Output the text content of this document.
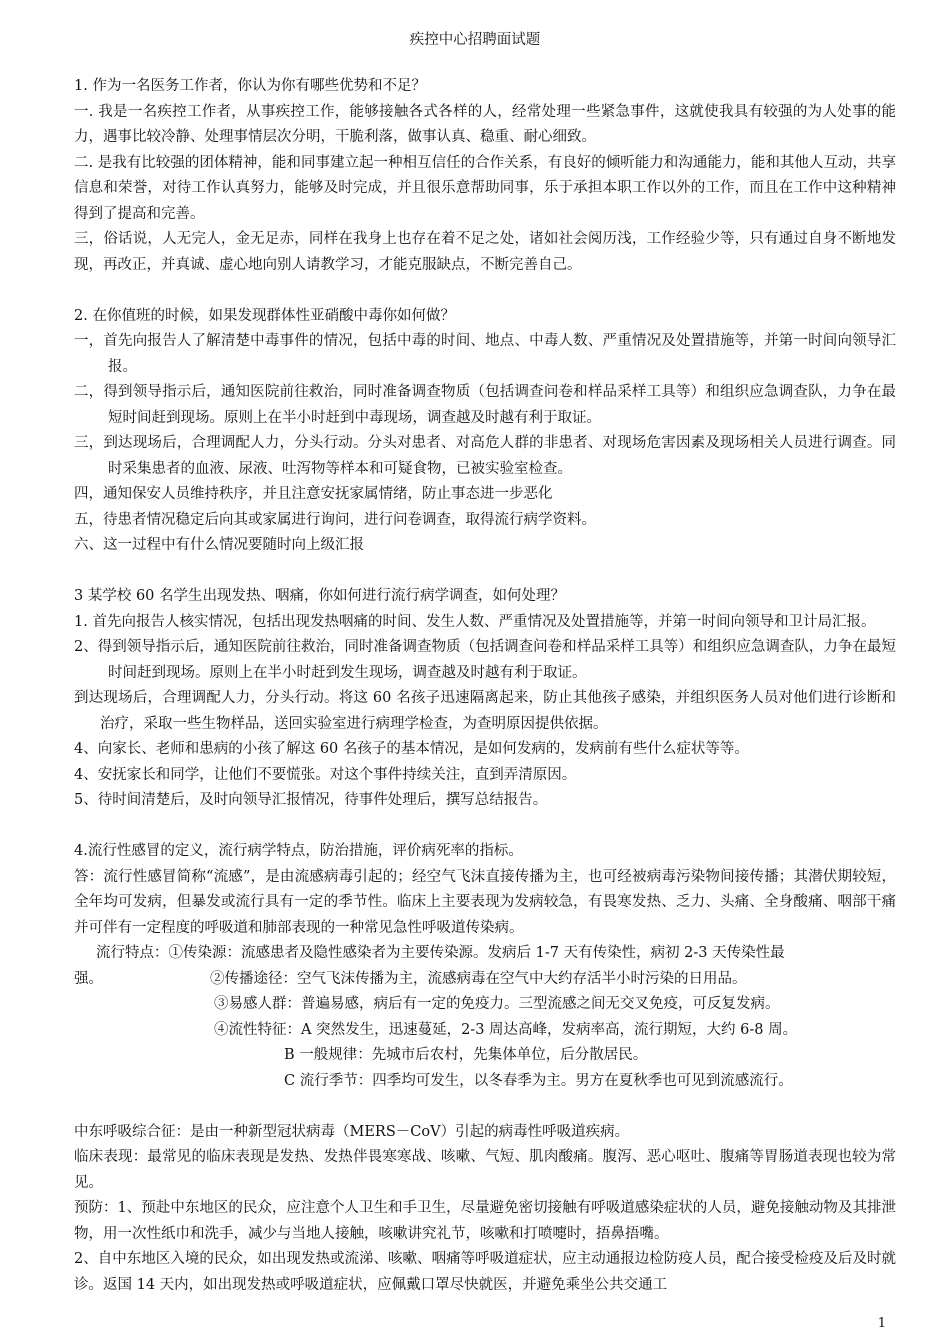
疾控中心招聘面试题

1. 作为一名医务工作者，你认为你有哪些优势和不足？

一. 我是一名疾控工作者，从事疾控工作，能够接触各式各样的人，经常处理一些紧急事件，这就使我具有较强的为人处事的能力，遇事比较冷静、处理事情层次分明，干脆利落，做事认真、稳重、耐心细致。

二. 是我有比较强的团体精神，能和同事建立起一种相互信任的合作关系，有良好的倾听能力和沟通能力，能和其他人互动，共享信息和荣誉，对待工作认真努力，能够及时完成，并且很乐意帮助同事，乐于承担本职工作以外的工作，而且在工作中这种精神得到了提高和完善。

三，俗话说，人无完人，金无足赤，同样在我身上也存在着不足之处，诸如社会阅历浅，工作经验少等，只有通过自身不断地发现，再改正，并真诚、虚心地向别人请教学习，才能克服缺点，不断完善自己。

2. 在你值班的时候，如果发现群体性亚硝酸中毒你如何做？

一，首先向报告人了解清楚中毒事件的情况，包括中毒的时间、地点、中毒人数、严重情况及处置措施等，并第一时间向领导汇报。

二，得到领导指示后，通知医院前往救治，同时准备调查物质（包括调查问卷和样品采样工具等）和组织应急调查队，力争在最短时间赶到现场。原则上在半小时赶到中毒现场，调查越及时越有利于取证。

三，到达现场后，合理调配人力，分头行动。分头对患者、对高危人群的非患者、对现场危害因素及现场相关人员进行调查。同时采集患者的血液、尿液、吐泻物等样本和可疑食物，已被实验室检查。

四，通知保安人员维持秩序，并且注意安抚家属情绪，防止事态进一步恶化

五，待患者情况稳定后向其或家属进行询问，进行问卷调查，取得流行病学资料。

六、这一过程中有什么情况要随时向上级汇报

3 某学校 60 名学生出现发热、咽痛，你如何进行流行病学调查，如何处理？

1. 首先向报告人核实情况，包括出现发热咽痛的时间、发生人数、严重情况及处置措施等，并第一时间向领导和卫计局汇报。

2、得到领导指示后，通知医院前往救治，同时准备调查物质（包括调查问卷和样品采样工具等）和组织应急调查队，力争在最短时间赶到现场。原则上在半小时赶到发生现场，调查越及时越有利于取证。

到达现场后，合理调配人力，分头行动。将这 60 名孩子迅速隔离起来，防止其他孩子感染，并组织医务人员对他们进行诊断和治疗，采取一些生物样品，送回实验室进行病理学检查，为查明原因提供依据。

4、向家长、老师和患病的小孩了解这 60 名孩子的基本情况，是如何发病的，发病前有些什么症状等等。

4、安抚家长和同学，让他们不要慌张。对这个事件持续关注，直到弄清原因。

5、待时间清楚后，及时向领导汇报情况，待事件处理后，撰写总结报告。

4.流行性感冒的定义，流行病学特点，防治措施，评价病死率的指标。

答：流行性感冒简称“流感”，是由流感病毒引起的；经空气飞沫直接传播为主，也可经被病毒污染物间接传播；其潜伏期较短，全年均可发病，但暴发或流行具有一定的季节性。临床上主要表现为发病较急，有畏寒发热、乏力、头痛、全身酸痛、咽部干痛并可伴有一定程度的呼吸道和肺部表现的一种常见急性呼吸道传染病。

流行特点：①传染源：流感患者及隐性感染者为主要传染源。发病后 1-7 天有传染性，病初 2-3 天传染性最

强。	②传播途径：空气飞沫传播为主，流感病毒在空气中大约存活半小时污染的日用品。

③易感人群：普遍易感，病后有一定的免疫力。三型流感之间无交叉免疫，可反复发病。

④流性特征：A 突然发生，迅速蔓延，2-3 周达高峰，发病率高，流行期短，大约 6-8 周。

B 一般规律：先城市后农村，先集体单位，后分散居民。

C 流行季节：四季均可发生，以冬春季为主。男方在夏秋季也可见到流感流行。

中东呼吸综合征：是由一种新型冠状病毒（MERS－CoV）引起的病毒性呼吸道疾病。

临床表现：最常见的临床表现是发热、发热伴畏寒寒战、咳嗽、气短、肌肉酸痛。腹泻、恶心呕吐、腹痛等胃肠道表现也较为常见。

预防：1、预赴中东地区的民众，应注意个人卫生和手卫生，尽量避免密切接触有呼吸道感染症状的人员，避免接触动物及其排泄物，用一次性纸巾和洗手，减少与当地人接触，咳嗽讲究礼节，咳嗽和打喷嚏时，捂鼻捂嘴。

2、自中东地区入境的民众，如出现发热或流涕、咳嗽、咽痛等呼吸道症状，应主动通报边检防疫人员，配合接受检疫及后及时就诊。返国 14 天内，如出现发热或呼吸道症状，应佩戴口罩尽快就医，并避免乘坐公共交通工

1
